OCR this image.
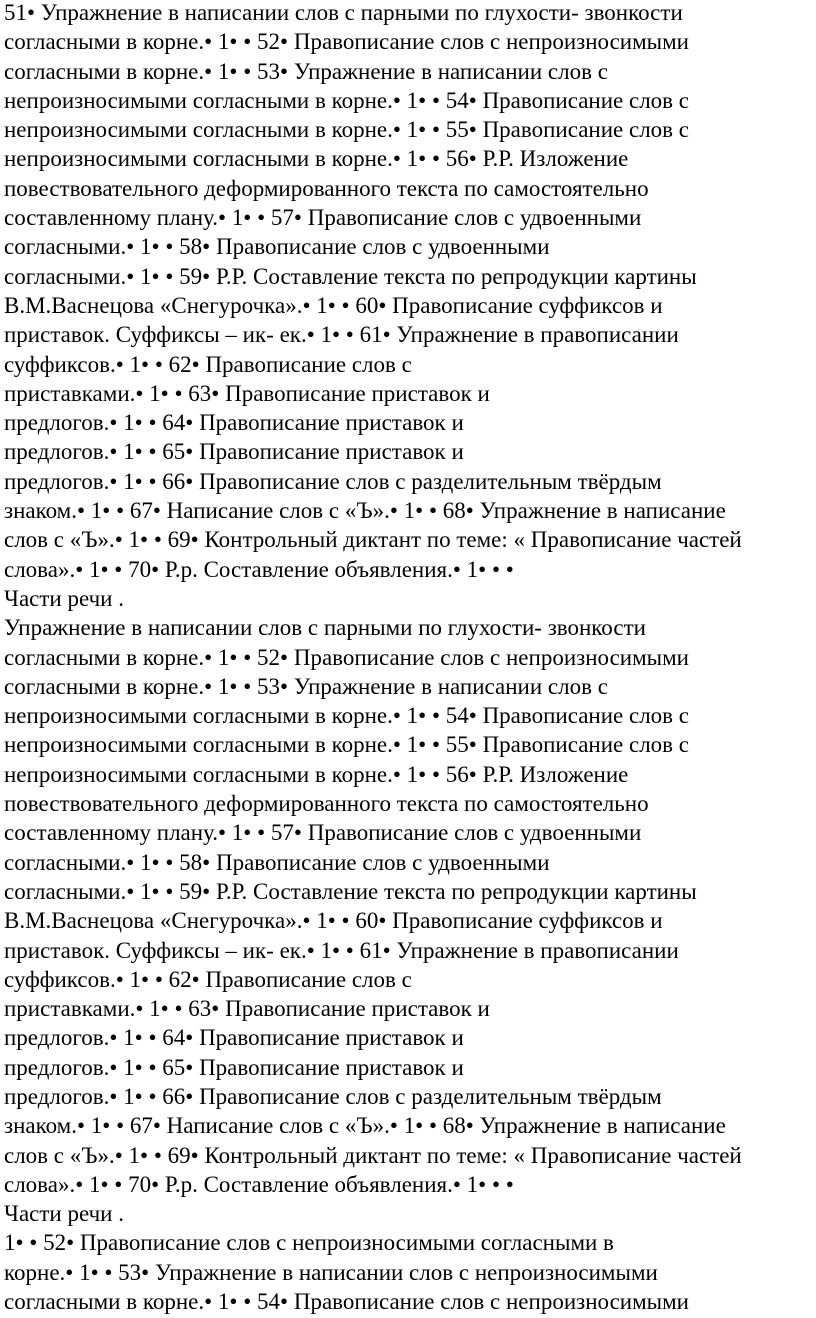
51• Упражнение в написании слов с парными по глухости- звонкости
согласными в корне.• 1• • 52• Правописание слов с непроизносимыми
согласными в корне.• 1• • 53• Упражнение в написании слов с
непроизносимыми согласными в корне.• 1• • 54• Правописание слов с
непроизносимыми согласными в корне.• 1• • 55• Правописание слов с
непроизносимыми согласными в корне.• 1• • 56• Р.Р. Изложение
повествовательного деформированного текста по самостоятельно
составленному плану.• 1• • 57• Правописание слов с удвоенными
согласными.• 1• • 58• Правописание слов с удвоенными
согласными.• 1• • 59• Р.Р. Составление текста по репродукции картины
В.М.Васнецова «Снегурочка».• 1• • 60• Правописание суффиксов и
приставок. Суффиксы – ик- ек.• 1• • 61• Упражнение в правописании
суффиксов.• 1• • 62• Правописание слов с
приставками.• 1• • 63• Правописание приставок и
предлогов.• 1• • 64• Правописание приставок и
предлогов.• 1• • 65• Правописание приставок и
предлогов.• 1• • 66• Правописание слов с разделительным твёрдым
знаком.• 1• • 67• Написание слов с «Ъ».• 1• • 68• Упражнение в написание
слов с «Ъ».• 1• • 69• Контрольный диктант по теме: « Правописание частей
слова».• 1• • 70• Р.р. Составление объявления.• 1• • •
Части речи .
Упражнение в написании слов с парными по глухости- звонкости
согласными в корне.• 1• • 52• Правописание слов с непроизносимыми
согласными в корне.• 1• • 53• Упражнение в написании слов с
непроизносимыми согласными в корне.• 1• • 54• Правописание слов с
непроизносимыми согласными в корне.• 1• • 55• Правописание слов с
непроизносимыми согласными в корне.• 1• • 56• Р.Р. Изложение
повествовательного деформированного текста по самостоятельно
составленному плану.• 1• • 57• Правописание слов с удвоенными
согласными.• 1• • 58• Правописание слов с удвоенными
согласными.• 1• • 59• Р.Р. Составление текста по репродукции картины
В.М.Васнецова «Снегурочка».• 1• • 60• Правописание суффиксов и
приставок. Суффиксы – ик- ек.• 1• • 61• Упражнение в правописании
суффиксов.• 1• • 62• Правописание слов с
приставками.• 1• • 63• Правописание приставок и
предлогов.• 1• • 64• Правописание приставок и
предлогов.• 1• • 65• Правописание приставок и
предлогов.• 1• • 66• Правописание слов с разделительным твёрдым
знаком.• 1• • 67• Написание слов с «Ъ».• 1• • 68• Упражнение в написание
слов с «Ъ».• 1• • 69• Контрольный диктант по теме: « Правописание частей
слова».• 1• • 70• Р.р. Составление объявления.• 1• • •
Части речи .
1• • 52• Правописание слов с непроизносимыми согласными в
корне.• 1• • 53• Упражнение в написании слов с непроизносимыми
согласными в корне.• 1• • 54• Правописание слов с непроизносимыми
